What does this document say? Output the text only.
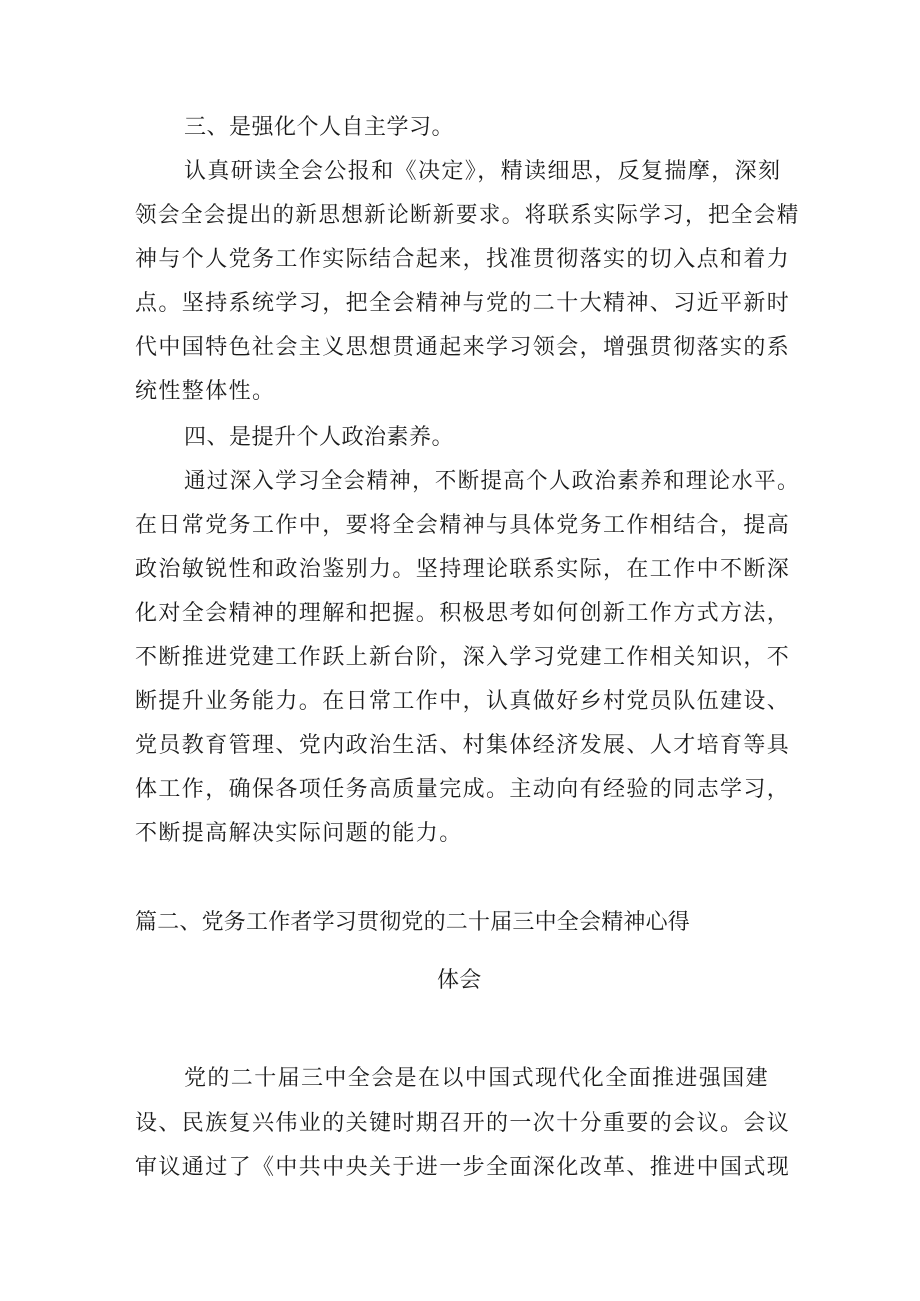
三、是强化个人自主学习。
认真研读全会公报和《决定》，精读细思，反复揣摩，深刻
领会全会提出的新思想新论断新要求。将联系实际学习，把全会精
神与个人党务工作实际结合起来，找准贯彻落实的切入点和着力
点。坚持系统学习，把全会精神与党的二十大精神、习近平新时
代中国特色社会主义思想贯通起来学习领会，增强贯彻落实的系
统性整体性。
四、是提升个人政治素养。
通过深入学习全会精神，不断提高个人政治素养和理论水平。
在日常党务工作中，要将全会精神与具体党务工作相结合，提高
政治敏锐性和政治鉴别力。坚持理论联系实际，在工作中不断深
化对全会精神的理解和把握。积极思考如何创新工作方式方法，
不断推进党建工作跃上新台阶，深入学习党建工作相关知识，不
断提升业务能力。在日常工作中，认真做好乡村党员队伍建设、
党员教育管理、党内政治生活、村集体经济发展、人才培育等具
体工作，确保各项任务高质量完成。主动向有经验的同志学习，
不断提高解决实际问题的能力。
篇二、党务工作者学习贯彻党的二十届三中全会精神心得
体会
党的二十届三中全会是在以中国式现代化全面推进强国建
设、民族复兴伟业的关键时期召开的一次十分重要的会议。会议
审议通过了《中共中央关于进一步全面深化改革、推进中国式现
